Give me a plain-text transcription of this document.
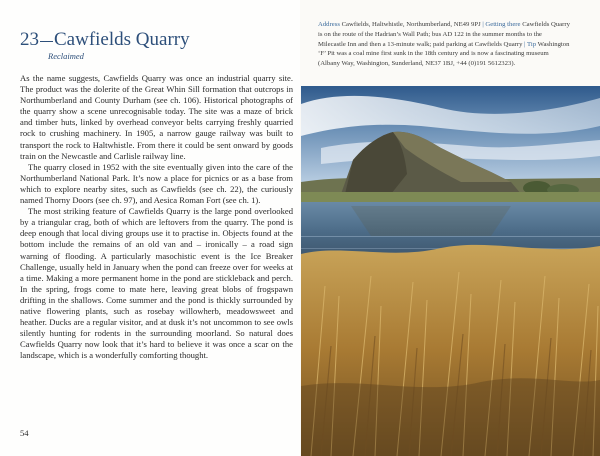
23 Cawfields Quarry
Reclaimed

As the name suggests, Cawfields Quarry was once an industrial quarry site. The product was the dolerite of the Great Whin Sill formation that outcrops in Northumberland and County Durham (see ch. 106). Historical photographs of the quarry show a scene unrecognisable today. The site was a maze of brick and timber huts, linked by overhead conveyor belts carrying freshly quarried rock to crushing machinery. In 1905, a narrow gauge railway was built to transport the rock to Haltwhistle. From there it could be sent onward by goods train on the Newcastle and Carlisle railway line.

The quarry closed in 1952 with the site eventually given into the care of the Northumberland National Park. It’s now a place for picnics or as a base from which to explore nearby sites, such as Cawfields (see ch. 22), the curiously named Thorny Doors (see ch. 97), and Aesica Roman Fort (see ch. 1).

The most striking feature of Cawfields Quarry is the large pond overlooked by a triangular crag, both of which are leftovers from the quarry. The pond is deep enough that local diving groups use it to practise in. Objects found at the bottom include the remains of an old van and – ironically – a road sign warning of flooding. A particularly masochistic event is the Ice Breaker Challenge, usually held in January when the pond can freeze over for weeks at a time. Making a more permanent home in the pond are stickleback and perch. In the spring, frogs come to mate here, leaving great blobs of frogspawn drifting in the shallows. Come summer and the pond is thickly surrounded by native flowering plants, such as rosebay willowherb, meadowsweet and heather. Ducks are a regular visitor, and at dusk it’s not uncommon to see owls silently hunting for rodents in the surrounding moorland. So natural does Cawfields Quarry now look that it’s hard to believe it was once a scar on the landscape, which is a wonderfully comforting thought.

54
Address Cawfields, Haltwhistle, Northumberland, NE49 9PJ | Getting there Cawfields Quarry is on the route of the Hadrian’s Wall Path; bus AD 122 in the summer months to the Milecastle Inn and then a 13-minute walk; paid parking at Cawfields Quarry | Tip Washington ‘F’ Pit was a coal mine first sunk in the 18th century and is now a fascinating museum (Albany Way, Washington, Sunderland, NE37 1BJ, +44 (0)191 5612323).
